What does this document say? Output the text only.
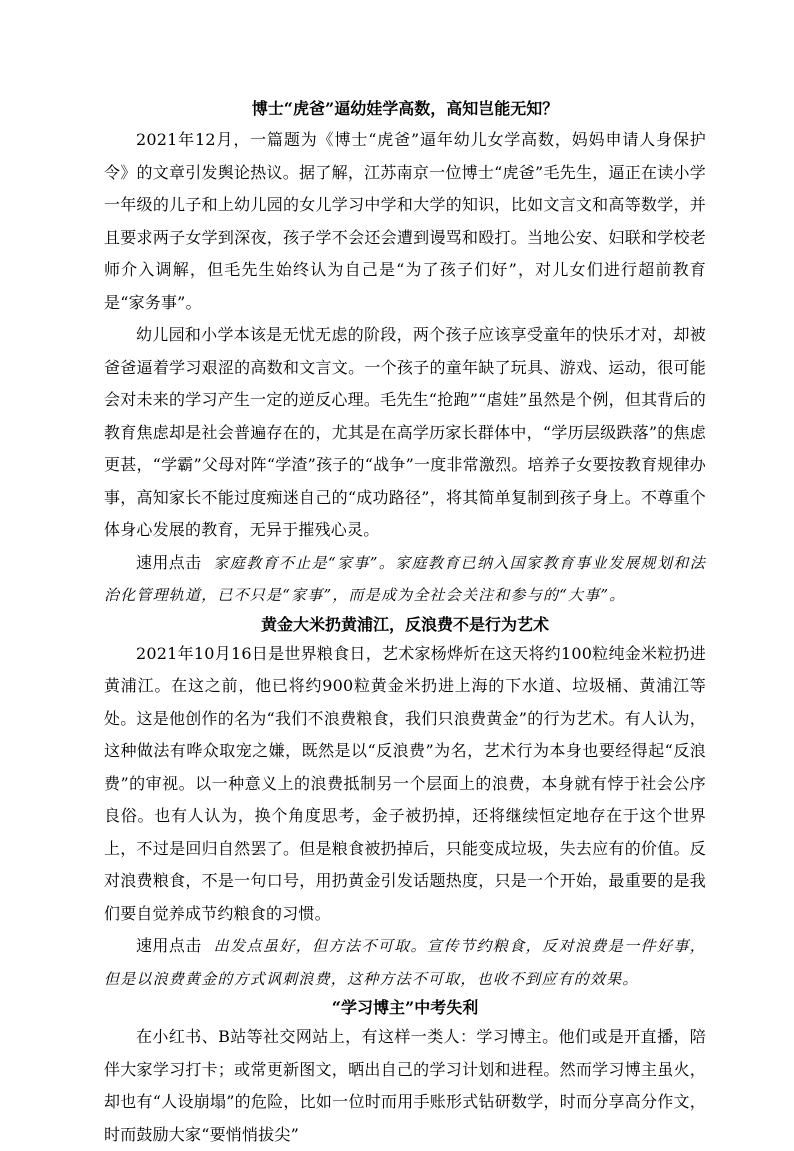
博士“虎爸”逼幼娃学高数，高知岂能无知？

2021年12月，一篇题为《博士“虎爸”逼年幼儿女学高数，妈妈申请人身保护令》的文章引发舆论热议。据了解，江苏南京一位博士“虎爸”毛先生，逼正在读小学一年级的儿子和上幼儿园的女儿学习中学和大学的知识，比如文言文和高等数学，并且要求两子女学到深夜，孩子学不会还会遭到谩骂和殴打。当地公安、妇联和学校老师介入调解，但毛先生始终认为自己是“为了孩子们好”，对儿女们进行超前教育是“家务事”。

幼儿园和小学本该是无忧无虑的阶段，两个孩子应该享受童年的快乐才对，却被爸爸逼着学习艰涩的高数和文言文。一个孩子的童年缺了玩具、游戏、运动，很可能会对未来的学习产生一定的逆反心理。毛先生“抢跑”“虐娃”虽然是个例，但其背后的教育焦虑却是社会普遍存在的，尤其是在高学历家长群体中，“学历层级跌落”的焦虑更甚，“学霸”父母对阵“学渣”孩子的“战争”一度非常激烈。培养子女要按教育规律办事，高知家长不能过度痴迷自己的“成功路径”，将其简单复制到孩子身上。不尊重个体身心发展的教育，无异于摧残心灵。

速用点击 家庭教育不止是“家事”。家庭教育已纳入国家教育事业发展规划和法治化管理轨道，已不只是“家事”，而是成为全社会关注和参与的“大事”。

黄金大米扔黄浦江，反浪费不是行为艺术

2021年10月16日是世界粮食日，艺术家杨烨炘在这天将约100粒纯金米粒扔进黄浦江。在这之前，他已将约900粒黄金米扔进上海的下水道、垃圾桶、黄浦江等处。这是他创作的名为“我们不浪费粮食，我们只浪费黄金”的行为艺术。有人认为，这种做法有哗众取宠之嫌，既然是以“反浪费”为名，艺术行为本身也要经得起“反浪费”的审视。以一种意义上的浪费抵制另一个层面上的浪费，本身就有悖于社会公序良俗。也有人认为，换个角度思考，金子被扔掉，还将继续恒定地存在于这个世界上，不过是回归自然罢了。但是粮食被扔掉后，只能变成垃圾，失去应有的价值。反对浪费粮食，不是一句口号，用扔黄金引发话题热度，只是一个开始，最重要的是我们要自觉养成节约粮食的习惯。

速用点击 出发点虽好，但方法不可取。宣传节约粮食，反对浪费是一件好事，但是以浪费黄金的方式讽刺浪费，这种方法不可取，也收不到应有的效果。

“学习博主”中考失利

在小红书、B站等社交网站上，有这样一类人：学习博主。他们或是开直播，陪伴大家学习打卡；或常更新图文，晒出自己的学习计划和进程。然而学习博主虽火，却也有“人设崩塌”的危险，比如一位时而用手账形式钻研数学，时而分享高分作文，时而鼓励大家“要悄悄拔尖”
